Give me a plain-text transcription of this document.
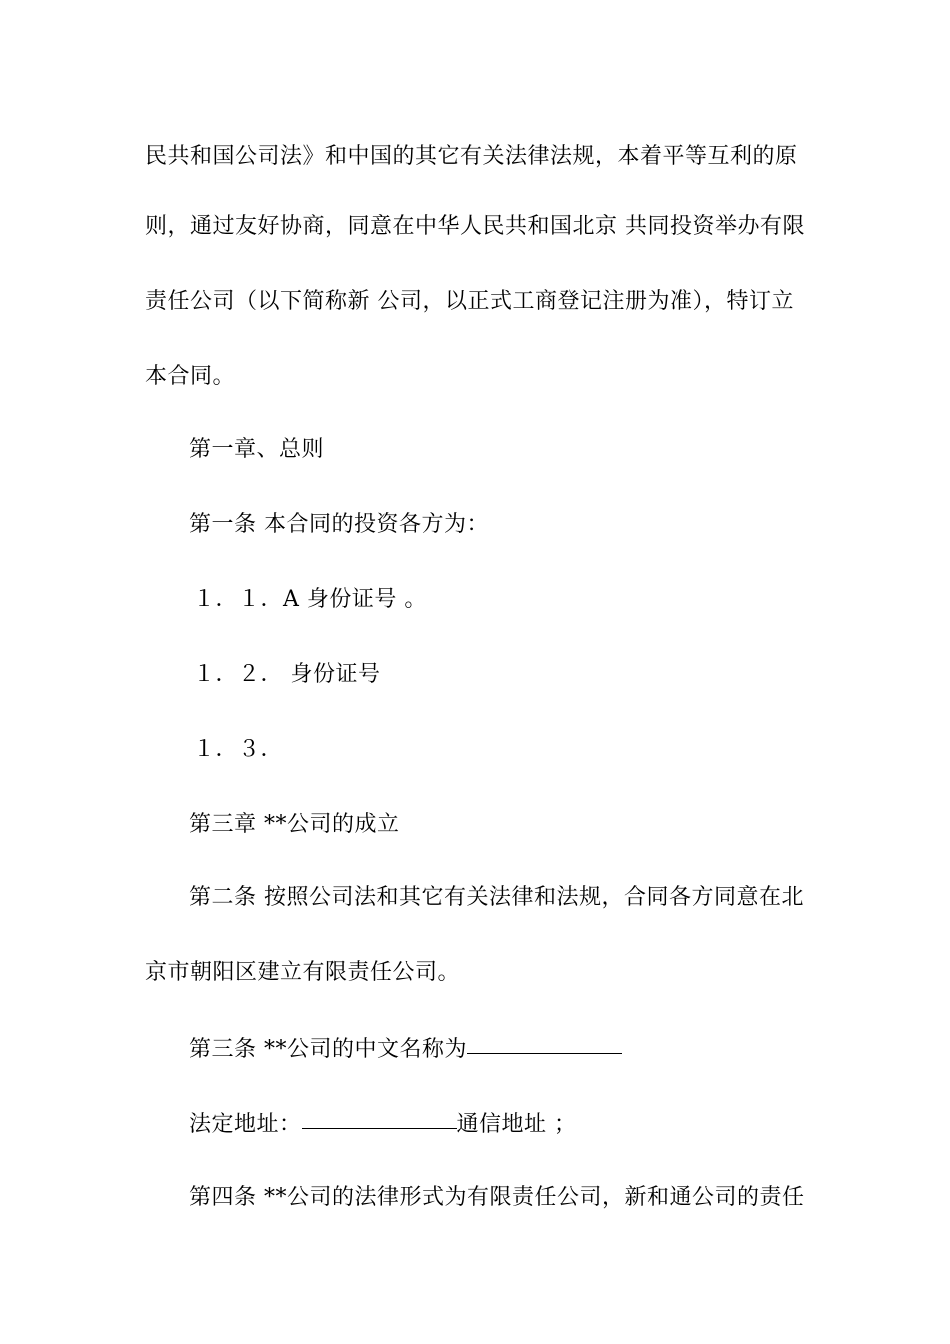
民共和国公司法》和中国的其它有关法律法规，本着平等互利的原
则，通过友好协商，同意在中华人民共和国北京 共同投资举办有限
责任公司（以下简称新 公司，以正式工商登记注册为准），特订立
本合同。
第一章、总则
第一条 本合同的投资各方为：
１．１．A 身份证号 。
１．２． 身份证号
１．３．
第三章 **公司的成立
第二条 按照公司法和其它有关法律和法规，合同各方同意在北
京市朝阳区建立有限责任公司。
第三条 **公司的中文名称为
法定地址：	通信地址 ；
第四条 **公司的法律形式为有限责任公司，新和通公司的责任
